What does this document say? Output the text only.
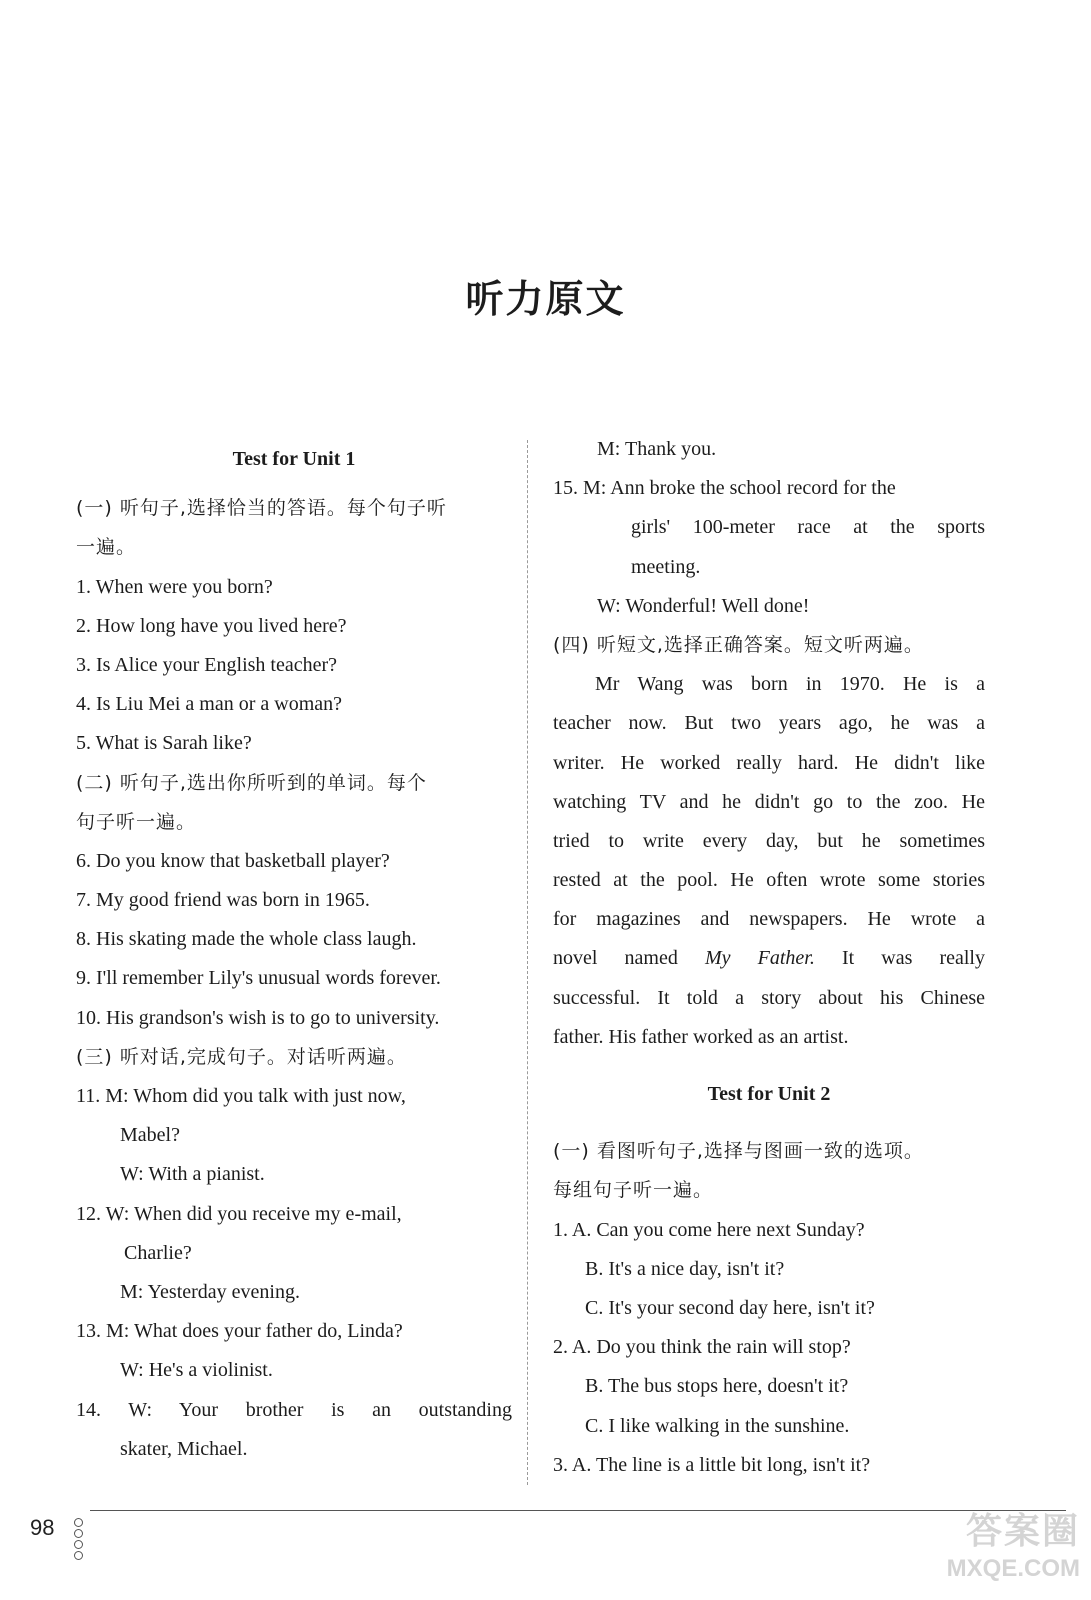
听力原文
Test for Unit 1
(一) 听句子,选择恰当的答语。每个句子听
一遍。
1. When were you born?
2. How long have you lived here?
3. Is Alice your English teacher?
4. Is Liu Mei a man or a woman?
5. What is Sarah like?
(二) 听句子,选出你所听到的单词。每个
句子听一遍。
6. Do you know that basketball player?
7. My good friend was born in 1965.
8. His skating made the whole class laugh.
9. I'll remember Lily's unusual words forever.
10. His grandson's wish is to go to university.
(三) 听对话,完成句子。对话听两遍。
11. M: Whom did you talk with just now,
Mabel?
W: With a pianist.
12. W: When did you receive my e-mail,
Charlie?
M: Yesterday evening.
13. M: What does your father do, Linda?
W: He's a violinist.
14. W: Your brother is an outstanding
skater, Michael.
M: Thank you.
15. M: Ann broke the school record for the
girls' 100-meter race at the sports
meeting.
W: Wonderful! Well done!
(四) 听短文,选择正确答案。短文听两遍。
Mr Wang was born in 1970. He is a
teacher now. But two years ago, he was a
writer. He worked really hard. He didn't like
watching TV and he didn't go to the zoo. He
tried to write every day, but he sometimes
rested at the pool. He often wrote some stories
for magazines and newspapers. He wrote a
novel named My Father. It was really
successful. It told a story about his Chinese
father. His father worked as an artist.
Test for Unit 2
(一) 看图听句子,选择与图画一致的选项。
每组句子听一遍。
1. A. Can you come here next Sunday?
B. It's a nice day, isn't it?
C. It's your second day here, isn't it?
2. A. Do you think the rain will stop?
B. The bus stops here, doesn't it?
C. I like walking in the sunshine.
3. A. The line is a little bit long, isn't it?
98	答案圈
MXQE.COM
